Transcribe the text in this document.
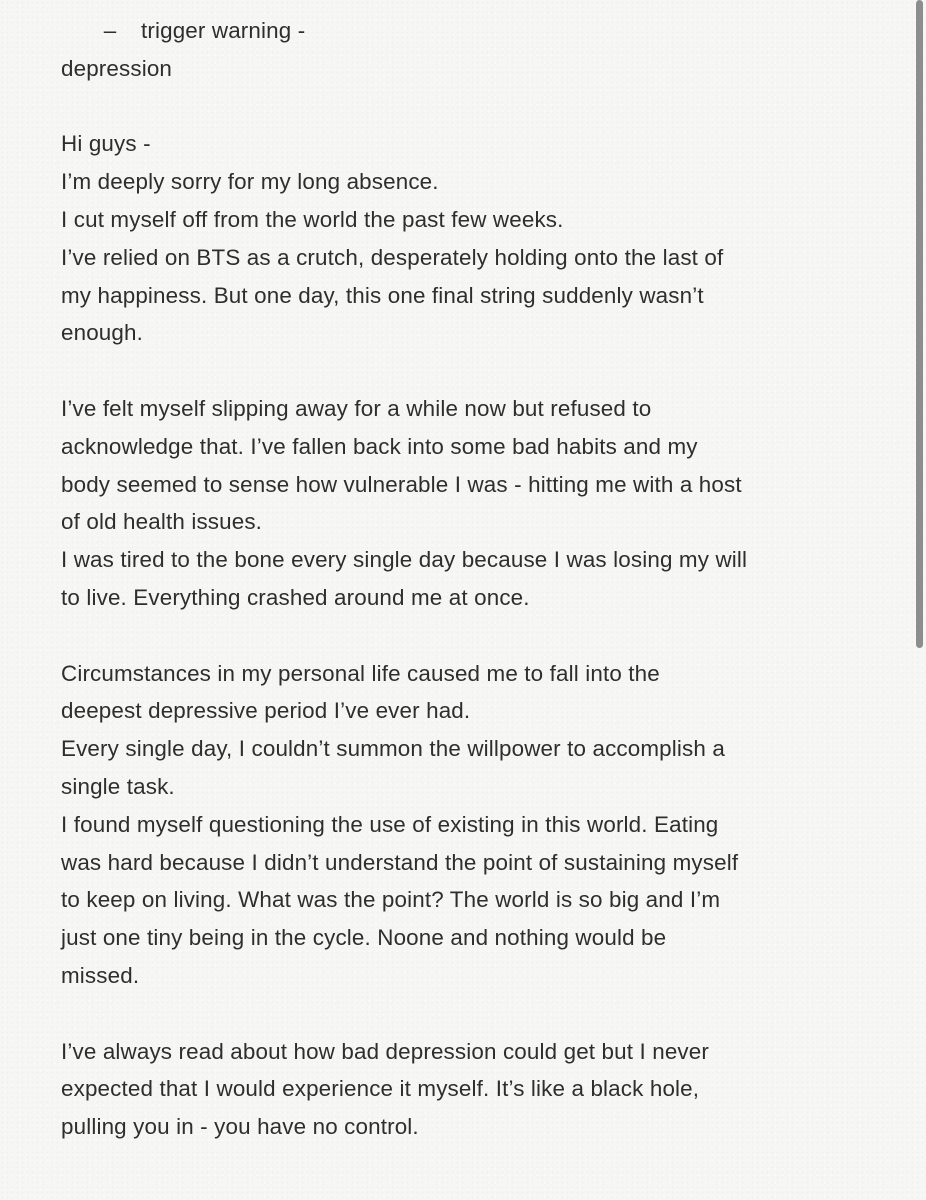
– trigger warning -
depression
Hi guys -
I’m deeply sorry for my long absence.
I cut myself off from the world the past few weeks.
I’ve relied on BTS as a crutch, desperately holding onto the last of
my happiness. But one day, this one final string suddenly wasn’t
enough.
I’ve felt myself slipping away for a while now but refused to
acknowledge that. I’ve fallen back into some bad habits and my
body seemed to sense how vulnerable I was - hitting me with a host
of old health issues.
I was tired to the bone every single day because I was losing my will
to live. Everything crashed around me at once.
Circumstances in my personal life caused me to fall into the
deepest depressive period I’ve ever had.
Every single day, I couldn’t summon the willpower to accomplish a
single task.
I found myself questioning the use of existing in this world. Eating
was hard because I didn’t understand the point of sustaining myself
to keep on living. What was the point? The world is so big and I’m
just one tiny being in the cycle. Noone and nothing would be
missed.
I’ve always read about how bad depression could get but I never
expected that I would experience it myself. It’s like a black hole,
pulling you in - you have no control.
